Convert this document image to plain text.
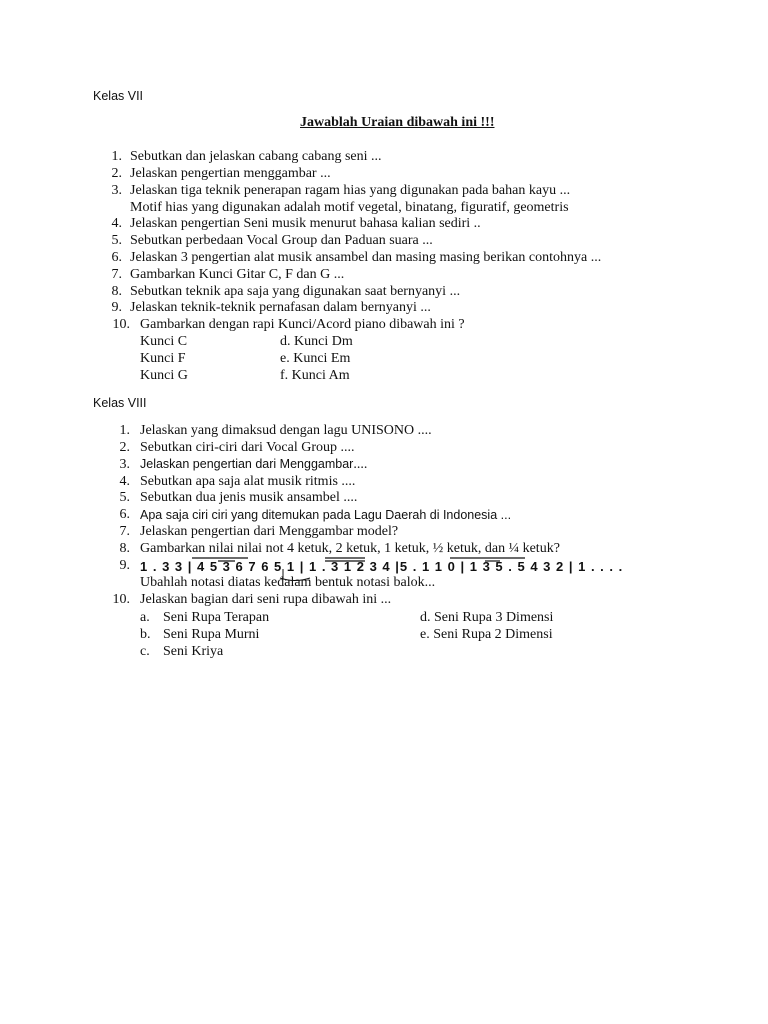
Kelas VII
Jawablah Uraian dibawah ini !!!
1. Sebutkan dan jelaskan cabang cabang seni ...
2. Jelaskan pengertian menggambar ...
3. Jelaskan tiga teknik penerapan ragam hias yang digunakan pada bahan kayu ...
Motif hias yang digunakan adalah motif vegetal, binatang, figuratif, geometris
4. Jelaskan pengertian Seni musik menurut bahasa kalian sediri ..
5. Sebutkan perbedaan Vocal Group dan Paduan suara ...
6. Jelaskan 3 pengertian alat musik ansambel dan masing masing berikan contohnya ...
7. Gambarkan Kunci Gitar C, F dan G ...
8. Sebutkan teknik apa saja yang digunakan saat bernyanyi ...
9. Jelaskan teknik-teknik pernafasan dalam bernyanyi ...
10. Gambarkan dengan rapi Kunci/Acord piano dibawah ini ?
Kunci C	d. Kunci Dm
Kunci F	e. Kunci Em
Kunci G	f. Kunci Am
Kelas VIII
1. Jelaskan yang dimaksud dengan lagu UNISONO ....
2. Sebutkan ciri-ciri dari Vocal Group ....
3. Jelaskan pengertian dari Menggambar....
4. Sebutkan apa saja alat musik ritmis ....
5. Sebutkan dua jenis musik ansambel ....
6. Apa saja ciri ciri yang ditemukan pada Lagu Daerah di Indonesia ...
7. Jelaskan pengertian dari Menggambar model?
8. Gambarkan nilai nilai not 4 ketuk, 2 ketuk, 1 ketuk, ½ ketuk, dan ¼ ketuk?
9. 1 . 3 3 | 4 5 3 6 7 6 5 1 | 1 . 3 1 2 3 4 |5 . 1 1 0 | 1 3 5 . 5 4 3 2 | 1 . . . .
Ubahlah notasi diatas kedalam bentuk notasi balok...
10. Jelaskan bagian dari seni rupa dibawah ini ...
a. Seni Rupa Terapan	d. Seni Rupa 3 Dimensi
b. Seni Rupa Murni	e. Seni Rupa 2 Dimensi
c. Seni Kriya
